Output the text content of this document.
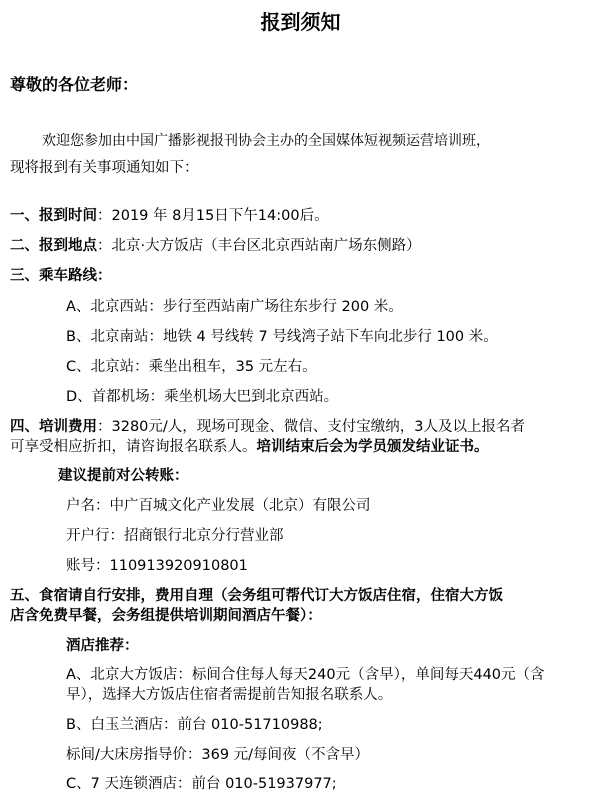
报到须知
尊敬的各位老师：
欢迎您参加由中国广播影视报刊协会主办的全国媒体短视频运营培训班，
现将报到有关事项通知如下：
一、报到时间：2019 年 8月15日下午14:00后。
二、报到地点：北京·大方饭店（丰台区北京西站南广场东侧路）
三、乘车路线：
A、北京西站：步行至西站南广场往东步行 200 米。
B、北京南站：地铁 4 号线转 7 号线湾子站下车向北步行 100 米。
C、北京站：乘坐出租车，35 元左右。
D、首都机场：乘坐机场大巴到北京西站。
四、培训费用：3280元/人，现场可现金、微信、支付宝缴纳，3人及以上报名者
可享受相应折扣，请咨询报名联系人。培训结束后会为学员颁发结业证书。
建议提前对公转账：
户名：中广百城文化产业发展（北京）有限公司
开户行：招商银行北京分行营业部
账号：110913920910801
五、食宿请自行安排，费用自理（会务组可帮代订大方饭店住宿，住宿大方饭
店含免费早餐，会务组提供培训期间酒店午餐）：
酒店推荐：
A、北京大方饭店：标间合住每人每天240元（含早），单间每天440元（含
早），选择大方饭店住宿者需提前告知报名联系人。
B、白玉兰酒店：前台 010-51710988;
标间/大床房指导价：369 元/每间夜（不含早）
C、7 天连锁酒店：前台 010-51937977;
